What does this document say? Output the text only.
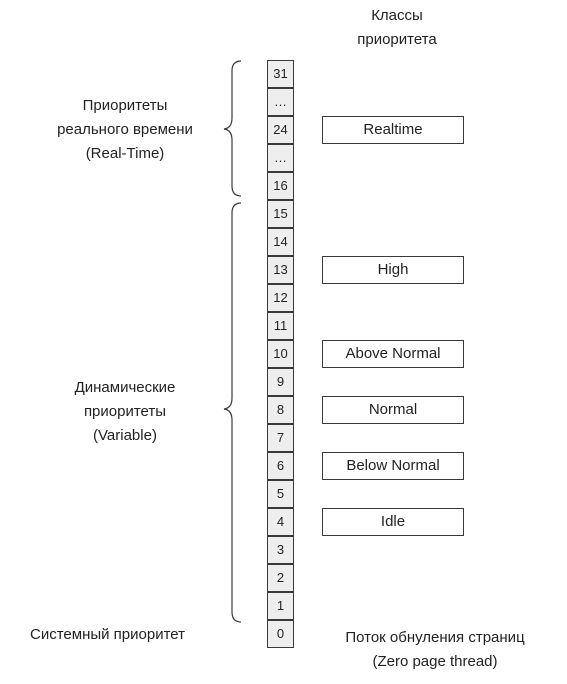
Классы
приоритета
Приоритеты
реального времени
(Real-Time)
Динамические
приоритеты
(Variable)
31
…
24
…
16
15
14
13
12
11
10
9
8
7
6
5
4
3
2
1
0
Realtime
High
Above Normal
Normal
Below Normal
Idle
Системный приоритет	Поток обнуления страниц
(Zero page thread)
